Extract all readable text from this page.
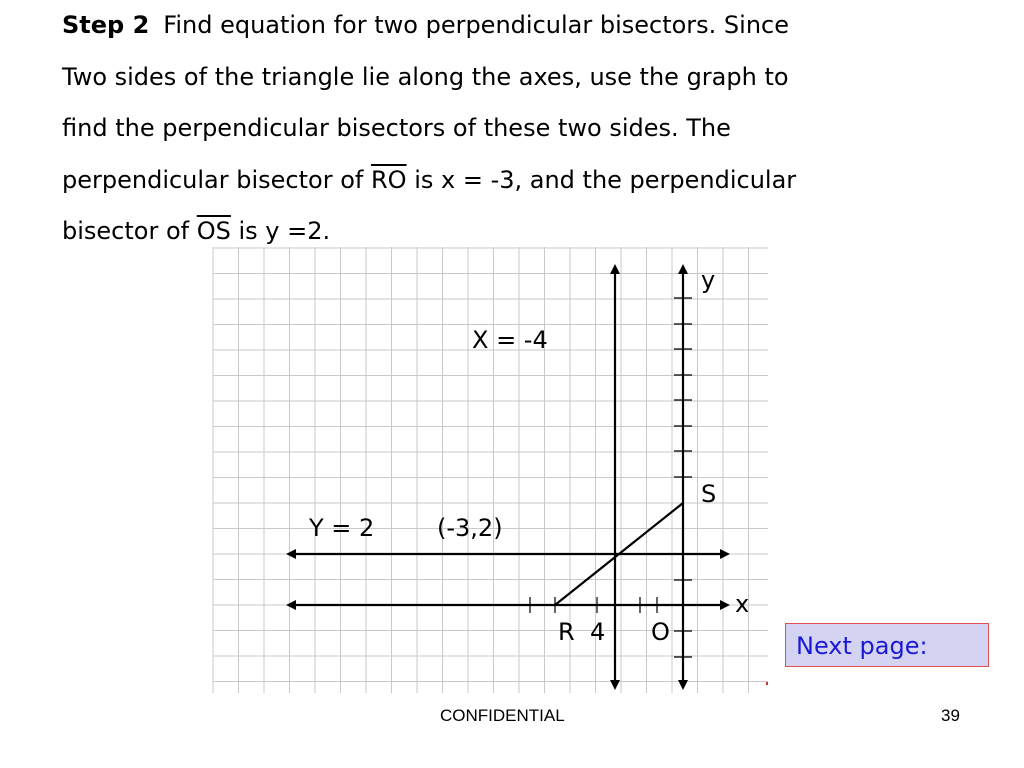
Step 2 Find equation for two perpendicular bisectors. Since
Two sides of the triangle lie along the axes, use the graph to
find the perpendicular bisectors of these two sides. The
perpendicular bisector of $\overline{RO}$ is x = -3, and the perpendicular
bisector of $\overline{OS}$ is y =2.
X = -4
Y = 2	(-3,2)
S
R 4 O
x
y
Next page:
CONFIDENTIAL	39
